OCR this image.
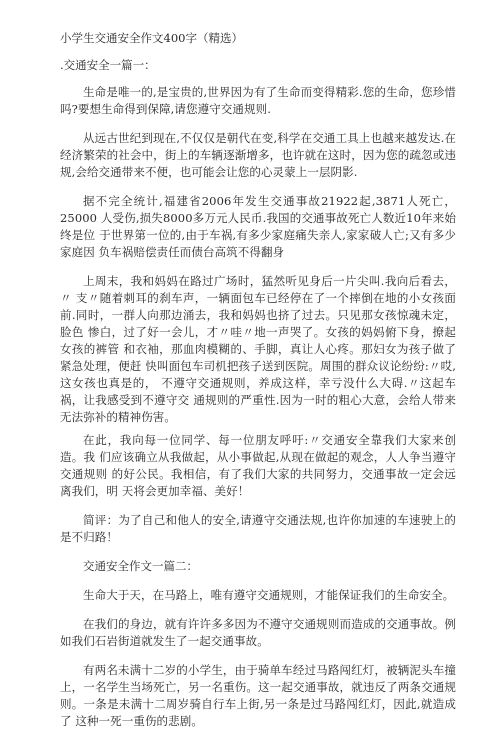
小学生交通安全作文400字（精选）
.交通安全一篇一：

生命是唯一的,是宝贵的,世界因为有了生命而变得精彩.您的生命，您珍惜 吗?要想生命得到保障,请您遵守交通规则.

从远古世纪到现在,不仅仅是朝代在变,科学在交通工具上也越来越发达.在 经济繁荣的社会中，街上的车辆逐渐增多，也许就在这时，因为您的疏忽或违 规,会给交通带来不便，也可能会让您的心灵蒙上一层阴影.

据不完全统计,福建省2006年发生交通事故21922起,3871人死亡，25000 人受伤,损失8000多万元人民币.我国的交通事故死亡人数近10年来始终是位 于世界第一位的,由于车祸,有多少家庭痛失亲人,家家破人亡;又有多少家庭因 负车祸赔偿责任而债台高筑不得翻身

上周末，我和妈妈在路过广场时，猛然听见身后一片尖叫.我向后看去，〃 支〃随着刺耳的刹车声，一辆面包车已经停在了一个摔倒在地的小女孩面前.同时，一群人向那边涌去，我和妈妈也挤了过去。只见那女孩惊魂未定，脸色 惨白，过了好一会儿，才〃哇〃地一声哭了。女孩的妈妈俯下身，撩起女孩的裤管 和衣袖，那血肉模糊的、手脚，真让人心疼。那妇女为孩子做了紧急处理，便赶 快叫面包车司机把孩子送到医院。周围的群众议论纷纷:〃哎,这女孩也真是的， 不遵守交通规则，养成这样，幸亏没什么大碍.〃这起车祸，让我感受到不遵守交 通规则的严重性.因为一时的粗心大意，会给人带来无法弥补的精神伤害。

在此，我向每一位同学、每一位朋友呼吁:〃交通安全靠我们大家来创造。我 们应该确立从我做起，从小事做起,从现在做起的观念，人人争当遵守交通规则 的好公民。我相信，有了我们大家的共同努力，交通事故一定会远离我们，明 天将会更加幸福、美好！

简评：为了自己和他人的安全,请遵守交通法规,也许你加速的车速驶上的 是不归路！

交通安全作文一篇二：

生命大于天，在马路上，唯有遵守交通规则，才能保证我们的生命安全。

在我们的身边，就有许许多多因为不遵守交通规则而造成的交通事故。例 如我们石岩街道就发生了一起交通事故。

有两名未满十二岁的小学生，由于骑单车经过马路闯红灯，被辆泥头车撞 上，一名学生当场死亡，另一名重伤。这一起交通事故，就违反了两条交通规 则。一条是未满十二周岁骑自行车上街,另一条是过马路闯红灯，因此,就造成了 这种一死一重伤的悲剧。
